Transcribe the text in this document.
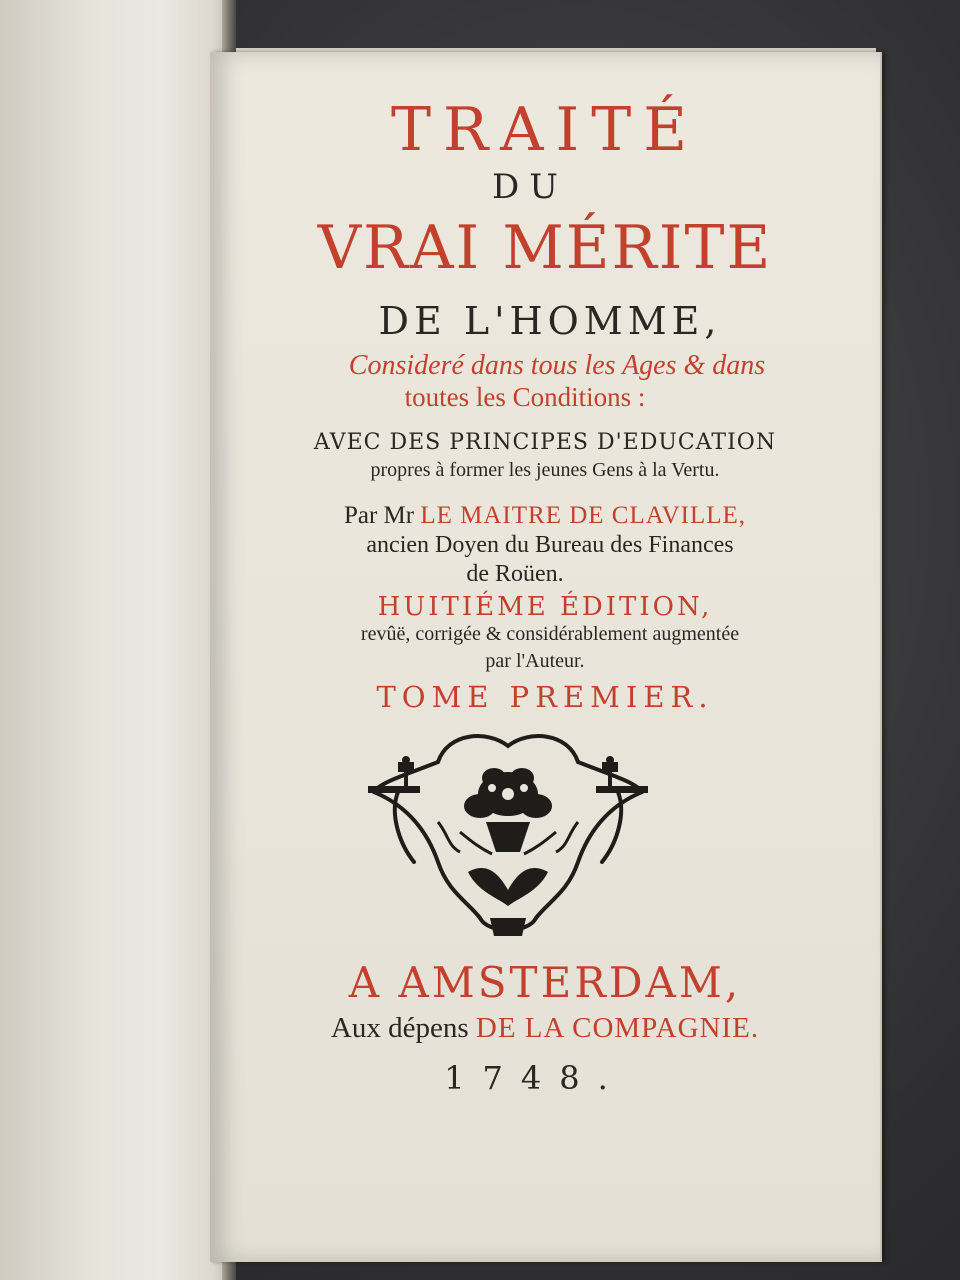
TRAITÉ
DU
VRAI MÉRITE
DE L'HOMME,
Consideré dans tous les Ages & dans
toutes les Conditions :
AVEC DES PRINCIPES D'EDUCATION
propres à former les jeunes Gens à la Vertu.
Par Mr LE MAITRE DE CLAVILLE,
ancien Doyen du Bureau des Finances
de Roüen.
HUITIÉME ÉDITION,
revûë, corrigée & considérablement augmentée
par l'Auteur.
TOME PREMIER.
A AMSTERDAM,
Aux dépens DE LA COMPAGNIE.
1748.
